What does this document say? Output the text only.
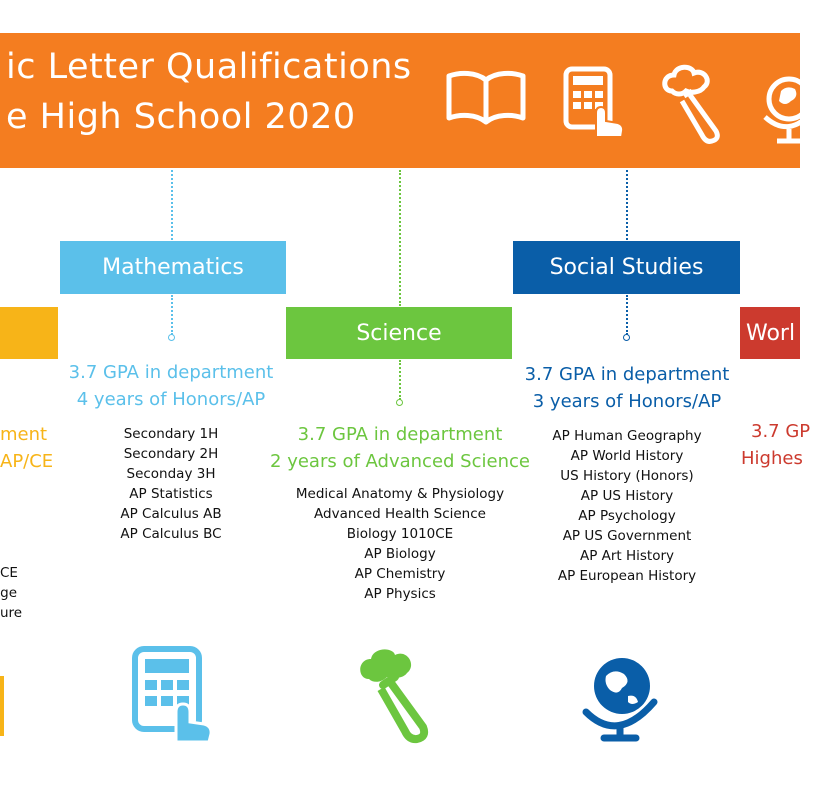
ic Letter Qualifications
e High School 2020
ment
AP/CE
CE
ge
ure
Mathematics
3.7 GPA in department
4 years of Honors/AP
Secondary 1H
Secondary 2H
Seconday 3H
AP Statistics
AP Calculus AB
AP Calculus BC
Science
3.7 GPA in department
2 years of Advanced Science
Medical Anatomy & Physiology
Advanced Health Science
Biology 1010CE
AP Biology
AP Chemistry
AP Physics
Social Studies
3.7 GPA in department
3 years of Honors/AP
AP Human Geography
AP World History
US History (Honors)
AP US History
AP Psychology
AP US Government
AP Art History
AP European History
Worl
3.7 GP
Highes
